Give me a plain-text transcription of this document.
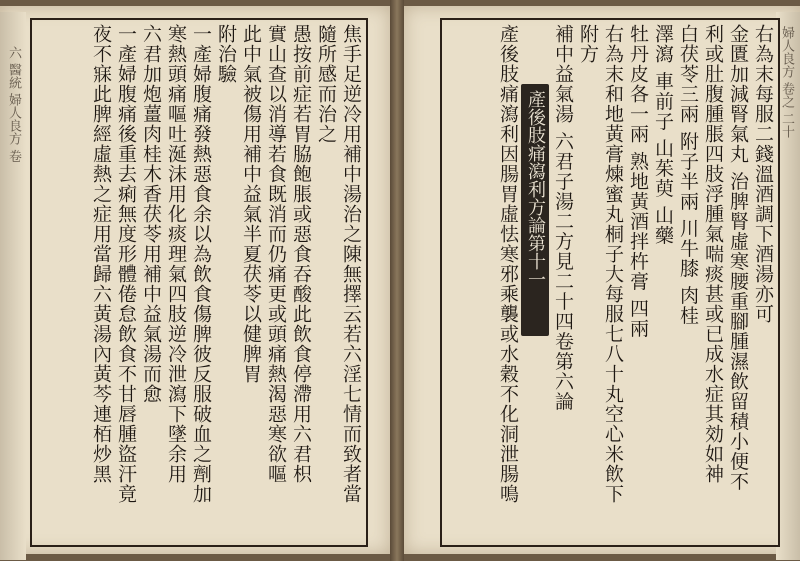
六 醫統 婦人良方 卷	焦手足逆冷用補中湯治之陳無擇云若六淫七情而致者當
隨所感而治之
愚按前症若胃脇飽脹或惡食吞酸此飲食停滯用六君枳
實山查以消導若食既消而仍痛更或頭痛熱渴惡寒欲嘔
此中氣被傷用補中益氣半夏茯苓以健脾胃
附治驗
一產婦腹痛發熱惡食余以為飲食傷脾彼反服破血之劑加
寒熱頭痛嘔吐涎沫用化痰理氣四肢逆冷泄瀉下墜余用
六君加炮薑肉桂木香茯苓用補中益氣湯而愈
一產婦腹痛後重去痢無度形體倦怠飲食不甘唇腫盜汗竟
夜不寐此脾經虛熱之症用當歸六黃湯內黃芩連栢炒黑	婦人良方 卷之 二十
右為末每服二錢溫酒調下酒湯亦可
金匱加減腎氣丸 治脾腎虛寒腰重腳腫濕飲留積小便不
利或肚腹腫脹四肢浮腫氣喘痰甚或已成水症其効如神
白茯苓三兩 附子半兩 川牛膝 肉桂
澤瀉 車前子 山茱萸 山藥
牡丹皮各一兩 熟地黃酒拌杵膏 四兩
右為末和地黃膏煉蜜丸桐子大每服七八十丸空心米飲下
附方
補中益氣湯 六君子湯二方見二十四卷第六論
產後肢痛瀉利方論第十一
產後肢痛瀉利因腸胃虛怯寒邪乘襲或水穀不化洞泄腸鳴
